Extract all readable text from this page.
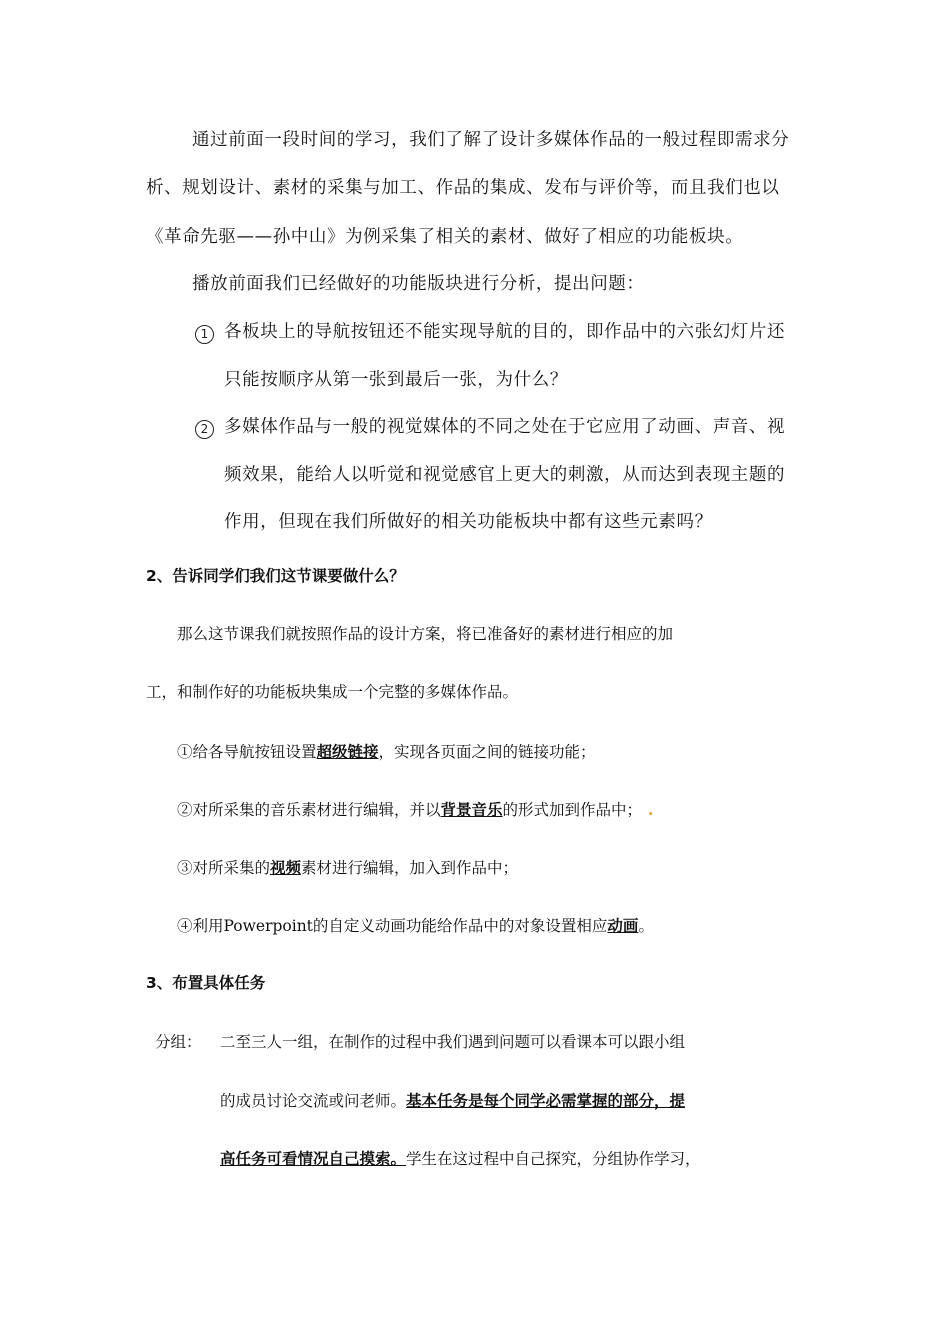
通过前面一段时间的学习，我们了解了设计多媒体作品的一般过程即需求分
析、规划设计、素材的采集与加工、作品的集成、发布与评价等，而且我们也以
《革命先驱——孙中山》为例采集了相关的素材、做好了相应的功能板块。
播放前面我们已经做好的功能版块进行分析，提出问题：
1 各板块上的导航按钮还不能实现导航的目的，即作品中的六张幻灯片还
只能按顺序从第一张到最后一张，为什么？
2 多媒体作品与一般的视觉媒体的不同之处在于它应用了动画、声音、视
频效果，能给人以听觉和视觉感官上更大的刺激，从而达到表现主题的
作用，但现在我们所做好的相关功能板块中都有这些元素吗？
2、告诉同学们我们这节课要做什么？
那么这节课我们就按照作品的设计方案，将已准备好的素材进行相应的加
工，和制作好的功能板块集成一个完整的多媒体作品。
①给各导航按钮设置超级链接，实现各页面之间的链接功能；
②对所采集的音乐素材进行编辑，并以背景音乐的形式加到作品中； .
③对所采集的视频素材进行编辑，加入到作品中；
④利用Powerpoint的自定义动画功能给作品中的对象设置相应动画。
3、布置具体任务
分组： 二至三人一组，在制作的过程中我们遇到问题可以看课本可以跟小组
的成员讨论交流或问老师。基本任务是每个同学必需掌握的部分，提
高任务可看情况自己摸索。学生在这过程中自己探究，分组协作学习，
